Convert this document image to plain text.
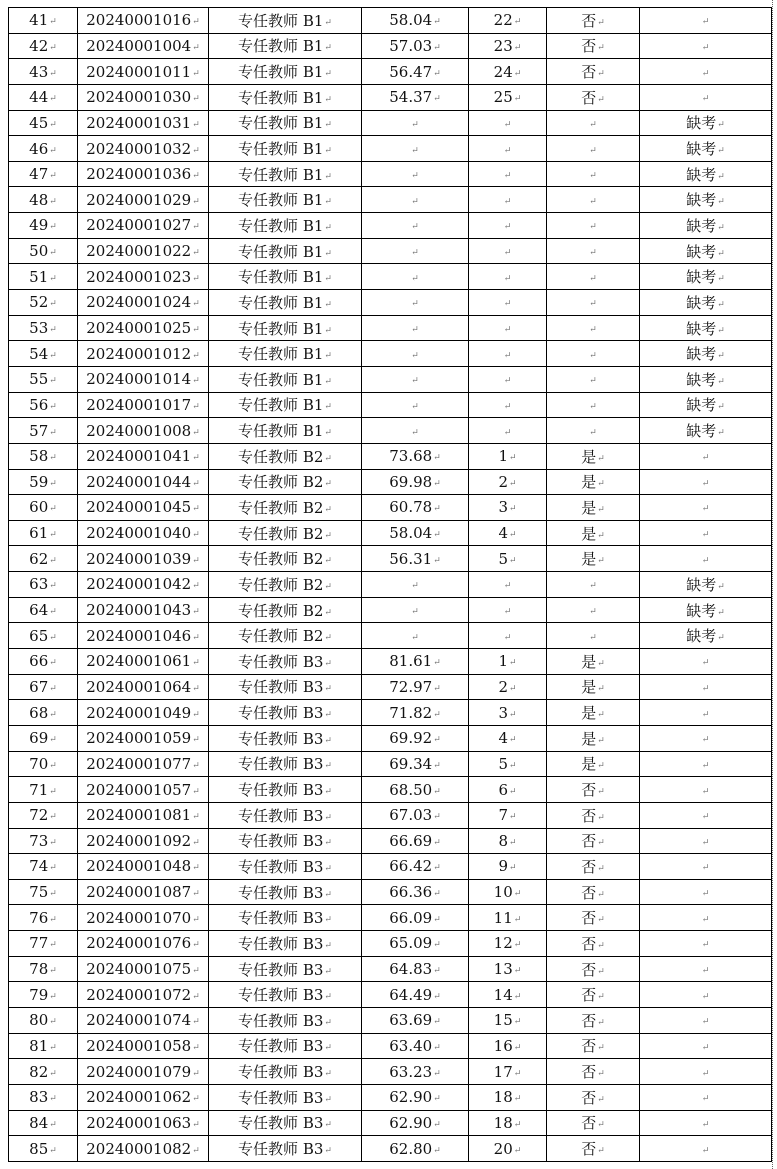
41↵	20240001016↵	专任教师 B1↵	58.04↵	22↵	否↵	↵
42↵	20240001004↵	专任教师 B1↵	57.03↵	23↵	否↵	↵
43↵	20240001011↵	专任教师 B1↵	56.47↵	24↵	否↵	↵
44↵	20240001030↵	专任教师 B1↵	54.37↵	25↵	否↵	↵
45↵	20240001031↵	专任教师 B1↵	↵	↵	↵	缺考↵
46↵	20240001032↵	专任教师 B1↵	↵	↵	↵	缺考↵
47↵	20240001036↵	专任教师 B1↵	↵	↵	↵	缺考↵
48↵	20240001029↵	专任教师 B1↵	↵	↵	↵	缺考↵
49↵	20240001027↵	专任教师 B1↵	↵	↵	↵	缺考↵
50↵	20240001022↵	专任教师 B1↵	↵	↵	↵	缺考↵
51↵	20240001023↵	专任教师 B1↵	↵	↵	↵	缺考↵
52↵	20240001024↵	专任教师 B1↵	↵	↵	↵	缺考↵
53↵	20240001025↵	专任教师 B1↵	↵	↵	↵	缺考↵
54↵	20240001012↵	专任教师 B1↵	↵	↵	↵	缺考↵
55↵	20240001014↵	专任教师 B1↵	↵	↵	↵	缺考↵
56↵	20240001017↵	专任教师 B1↵	↵	↵	↵	缺考↵
57↵	20240001008↵	专任教师 B1↵	↵	↵	↵	缺考↵
58↵	20240001041↵	专任教师 B2↵	73.68↵	1↵	是↵	↵
59↵	20240001044↵	专任教师 B2↵	69.98↵	2↵	是↵	↵
60↵	20240001045↵	专任教师 B2↵	60.78↵	3↵	是↵	↵
61↵	20240001040↵	专任教师 B2↵	58.04↵	4↵	是↵	↵
62↵	20240001039↵	专任教师 B2↵	56.31↵	5↵	是↵	↵
63↵	20240001042↵	专任教师 B2↵	↵	↵	↵	缺考↵
64↵	20240001043↵	专任教师 B2↵	↵	↵	↵	缺考↵
65↵	20240001046↵	专任教师 B2↵	↵	↵	↵	缺考↵
66↵	20240001061↵	专任教师 B3↵	81.61↵	1↵	是↵	↵
67↵	20240001064↵	专任教师 B3↵	72.97↵	2↵	是↵	↵
68↵	20240001049↵	专任教师 B3↵	71.82↵	3↵	是↵	↵
69↵	20240001059↵	专任教师 B3↵	69.92↵	4↵	是↵	↵
70↵	20240001077↵	专任教师 B3↵	69.34↵	5↵	是↵	↵
71↵	20240001057↵	专任教师 B3↵	68.50↵	6↵	否↵	↵
72↵	20240001081↵	专任教师 B3↵	67.03↵	7↵	否↵	↵
73↵	20240001092↵	专任教师 B3↵	66.69↵	8↵	否↵	↵
74↵	20240001048↵	专任教师 B3↵	66.42↵	9↵	否↵	↵
75↵	20240001087↵	专任教师 B3↵	66.36↵	10↵	否↵	↵
76↵	20240001070↵	专任教师 B3↵	66.09↵	11↵	否↵	↵
77↵	20240001076↵	专任教师 B3↵	65.09↵	12↵	否↵	↵
78↵	20240001075↵	专任教师 B3↵	64.83↵	13↵	否↵	↵
79↵	20240001072↵	专任教师 B3↵	64.49↵	14↵	否↵	↵
80↵	20240001074↵	专任教师 B3↵	63.69↵	15↵	否↵	↵
81↵	20240001058↵	专任教师 B3↵	63.40↵	16↵	否↵	↵
82↵	20240001079↵	专任教师 B3↵	63.23↵	17↵	否↵	↵
83↵	20240001062↵	专任教师 B3↵	62.90↵	18↵	否↵	↵
84↵	20240001063↵	专任教师 B3↵	62.90↵	18↵	否↵	↵
85↵	20240001082↵	专任教师 B3↵	62.80↵	20↵	否↵	↵
